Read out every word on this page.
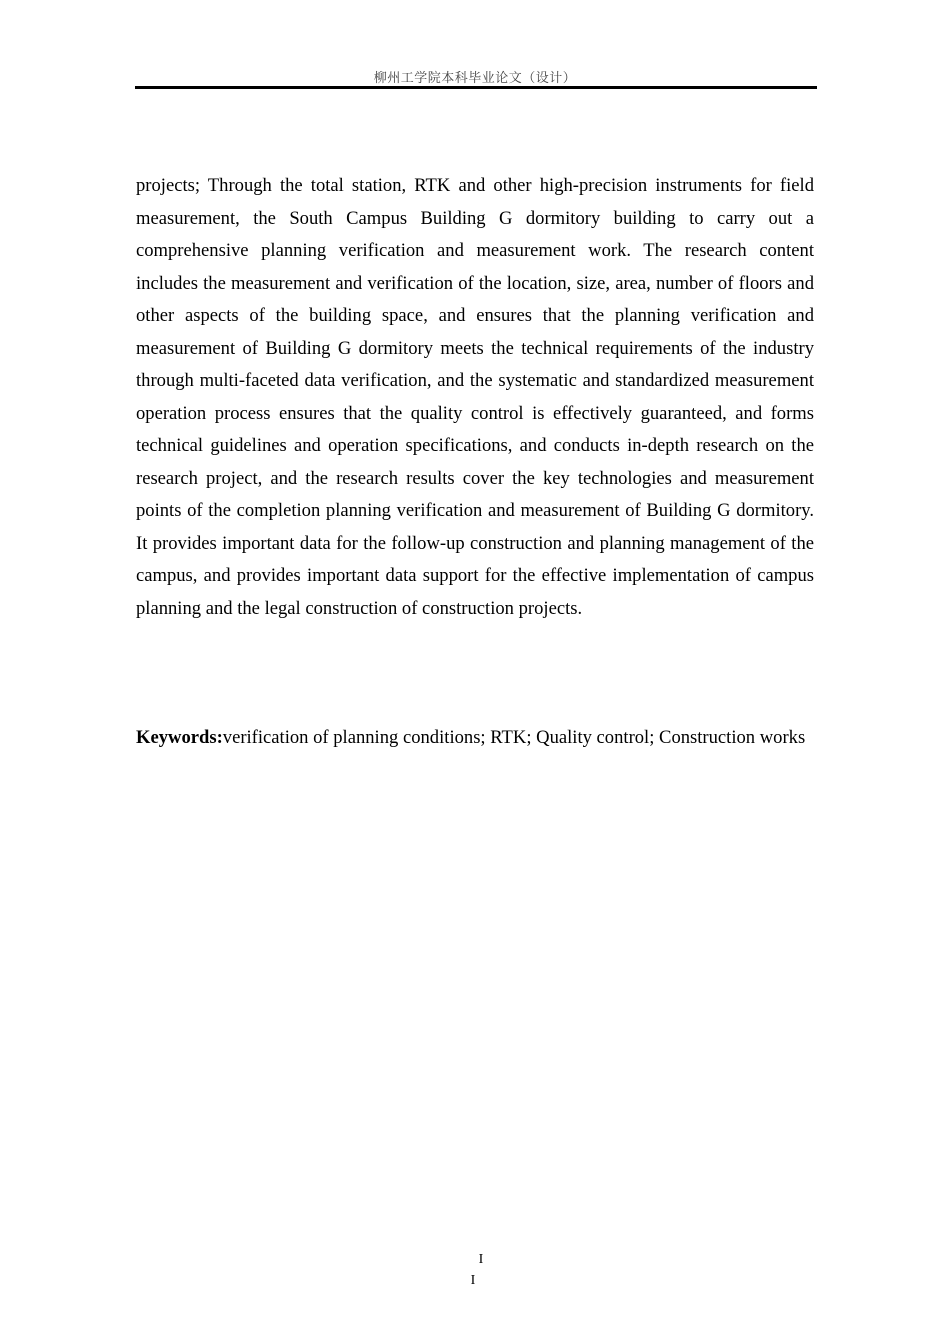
柳州工学院本科毕业论文（设计）
projects; Through the total station, RTK and other high-precision instruments for field measurement, the South Campus Building G dormitory building to carry out a comprehensive planning verification and measurement work. The research content includes the measurement and verification of the location, size, area, number of floors and other aspects of the building space, and ensures that the planning verification and measurement of Building G dormitory meets the technical requirements of the industry through multi-faceted data verification, and the systematic and standardized measurement operation process ensures that the quality control is effectively guaranteed, and forms technical guidelines and operation specifications, and conducts in-depth research on the research project, and the research results cover the key technologies and measurement points of the completion planning verification and measurement of Building G dormitory. It provides important data for the follow-up construction and planning management of the campus, and provides important data support for the effective implementation of campus planning and the legal construction of construction projects.
Keywords:verification of planning conditions; RTK; Quality control; Construction works
I
I
